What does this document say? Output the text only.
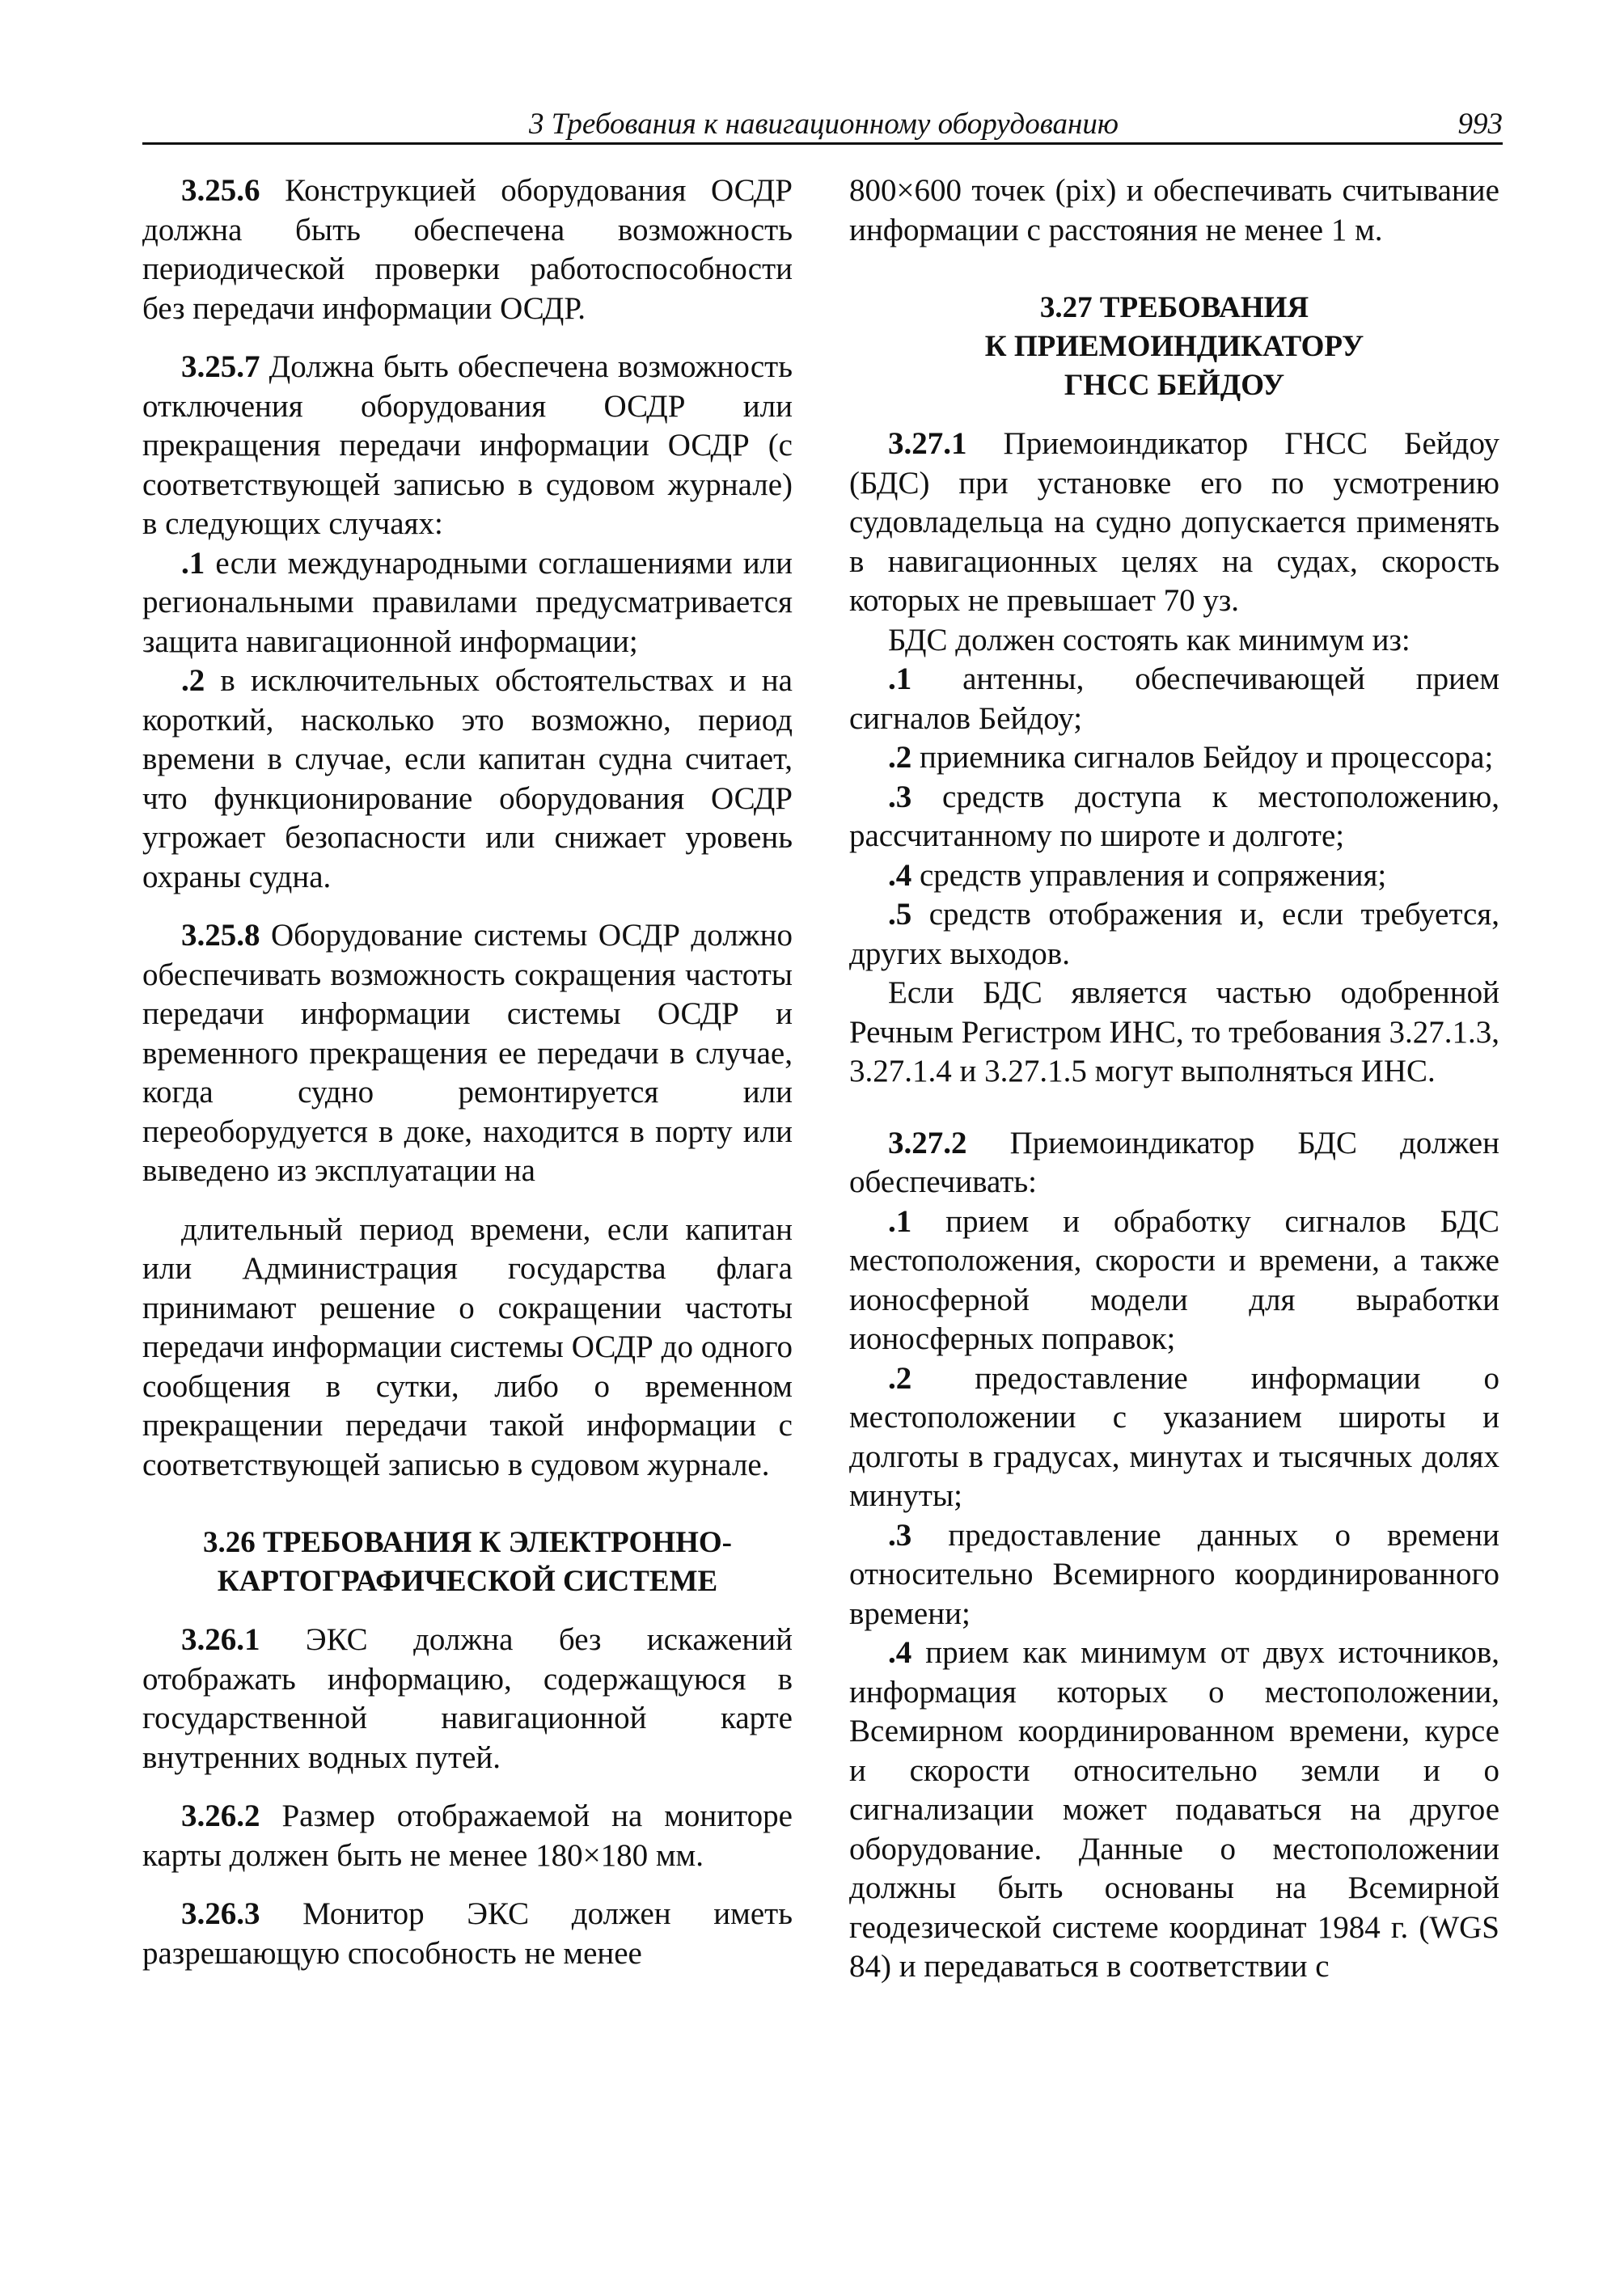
3 Требования к навигационному оборудованию	993

3.25.6 Конструкцией оборудования ОСДР должна быть обеспечена возможность периодической проверки работоспособности без передачи информации ОСДР.

3.25.7 Должна быть обеспечена возможность отключения оборудования ОСДР или прекращения передачи информации ОСДР (с соответствующей записью в судовом журнале) в следующих случаях:

.1 если международными соглашениями или региональными правилами предусматривается защита навигационной информации;

.2 в исключительных обстоятельствах и на короткий, насколько это возможно, период времени в случае, если капитан судна считает, что функционирование оборудования ОСДР угрожает безопасности или снижает уровень охраны судна.

3.25.8 Оборудование системы ОСДР должно обеспечивать возможность сокращения частоты передачи информации системы ОСДР и временного прекращения ее передачи в случае, когда судно ремонтируется или переоборудуется в доке, находится в порту или выведено из эксплуатации на

длительный период времени, если капитан или Администрация государства флага принимают решение о сокращении частоты передачи информации системы ОСДР до одного сообщения в сутки, либо о временном прекращении передачи такой информации с соответствующей записью в судовом журнале.

3.26 ТРЕБОВАНИЯ К ЭЛЕКТРОННО-КАРТОГРАФИЧЕСКОЙ СИСТЕМЕ

3.26.1 ЭКС должна без искажений отображать информацию, содержащуюся в государственной навигационной карте внутренних водных путей.

3.26.2 Размер отображаемой на мониторе карты должен быть не менее 180×180 мм.

3.26.3 Монитор ЭКС должен иметь разрешающую способность не менее

800×600 точек (pix) и обеспечивать считывание информации с расстояния не менее 1 м.

3.27 ТРЕБОВАНИЯ
К ПРИЕМОИНДИКАТОРУ
ГНСС БЕЙДОУ

3.27.1 Приемоиндикатор ГНСС Бейдоу (БДС) при установке его по усмотрению судовладельца на судно допускается применять в навигационных целях на судах, скорость которых не превышает 70 уз.

БДС должен состоять как минимум из:

.1 антенны, обеспечивающей прием сигналов Бейдоу;

.2 приемника сигналов Бейдоу и процессора;

.3 средств доступа к местоположению, рассчитанному по широте и долготе;

.4 средств управления и сопряжения;

.5 средств отображения и, если требуется, других выходов.

Если БДС является частью одобренной Речным Регистром ИНС, то требования 3.27.1.3, 3.27.1.4 и 3.27.1.5 могут выполняться ИНС.

3.27.2 Приемоиндикатор БДС должен обеспечивать:

.1 прием и обработку сигналов БДС местоположения, скорости и времени, а также ионосферной модели для выработки ионосферных поправок;

.2 предоставление информации о местоположении с указанием широты и долготы в градусах, минутах и тысячных долях минуты;

.3 предоставление данных о времени относительно Всемирного координированного времени;

.4 прием как минимум от двух источников, информация которых о местоположении, Всемирном координированном времени, курсе и скорости относительно земли и о сигнализации может подаваться на другое оборудование. Данные о местоположении должны быть основаны на Всемирной геодезической системе координат 1984 г. (WGS 84) и передаваться в соответствии с
